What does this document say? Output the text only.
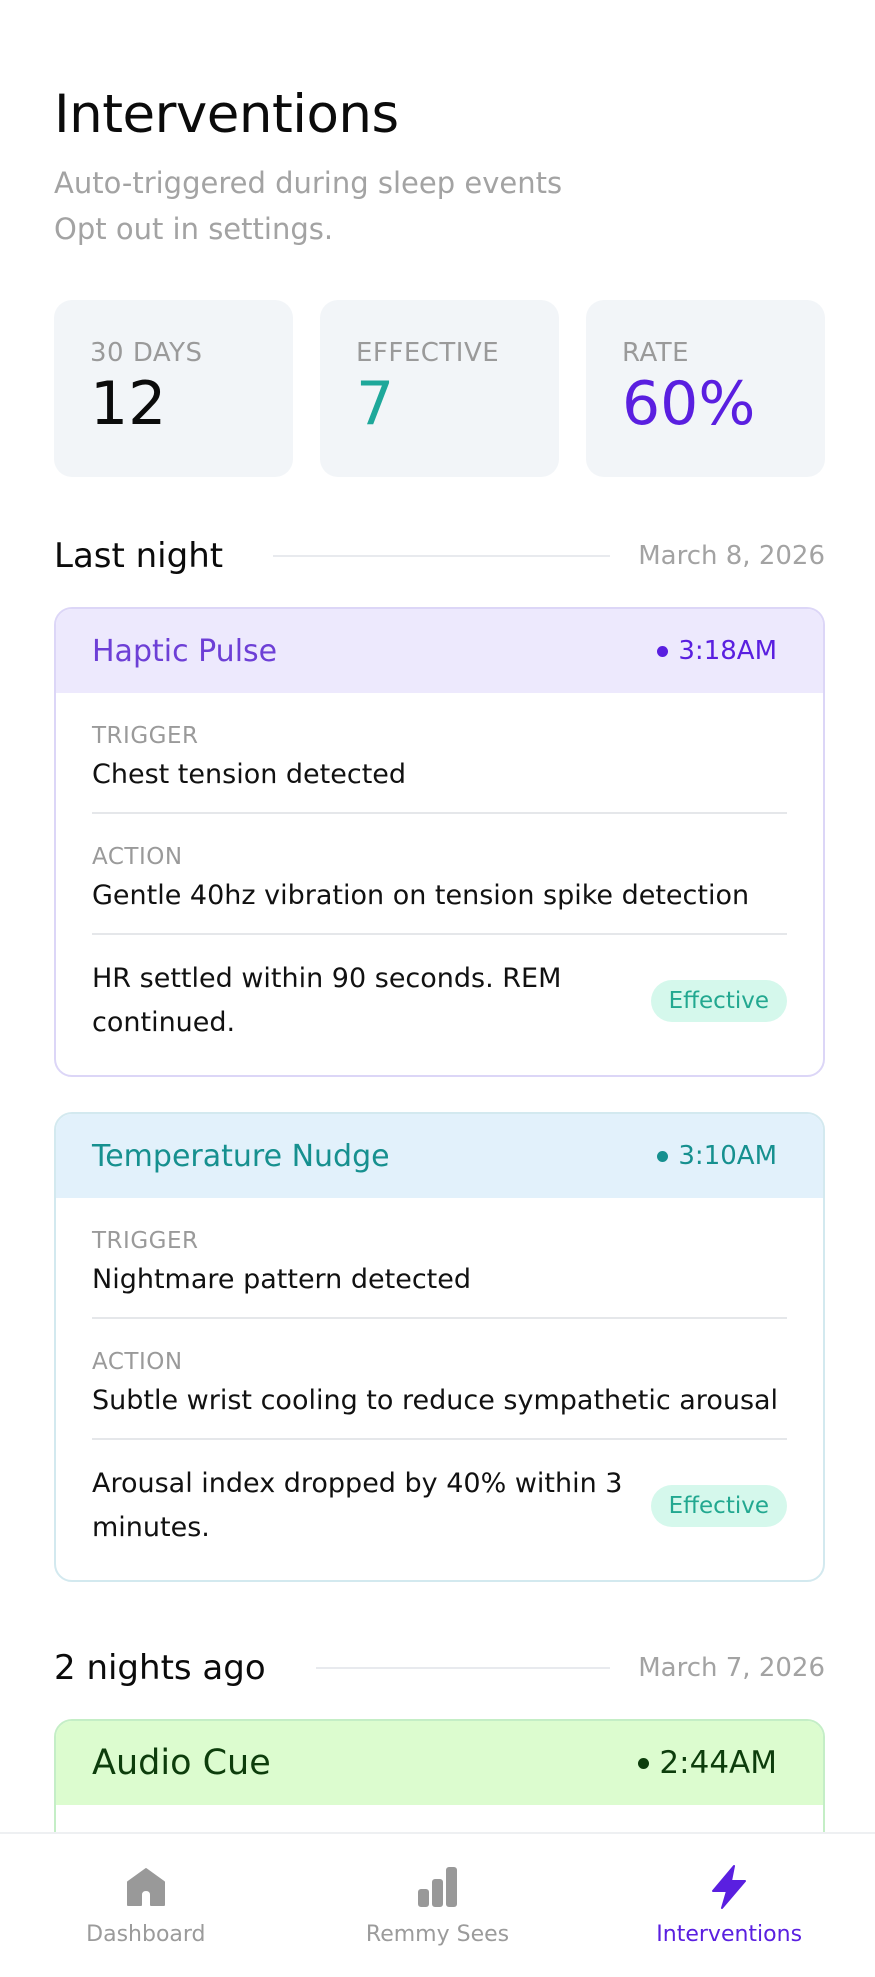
Interventions
Auto-triggered during sleep events
Opt out in settings.
30 DAYS
12
EFFECTIVE
7
RATE
60%
Last night	March 8, 2026
Haptic Pulse	3:18AM
TRIGGER
Chest tension detected
ACTION
Gentle 40hz vibration on tension spike detection
HR settled within 90 seconds. REM continued.
Effective
Temperature Nudge	3:10AM
TRIGGER
Nightmare pattern detected
ACTION
Subtle wrist cooling to reduce sympathetic arousal
Arousal index dropped by 40% within 3 minutes.
Effective
2 nights ago	March 7, 2026
Audio Cue	2:44AM
Dashboard	Remmy Sees	Interventions
